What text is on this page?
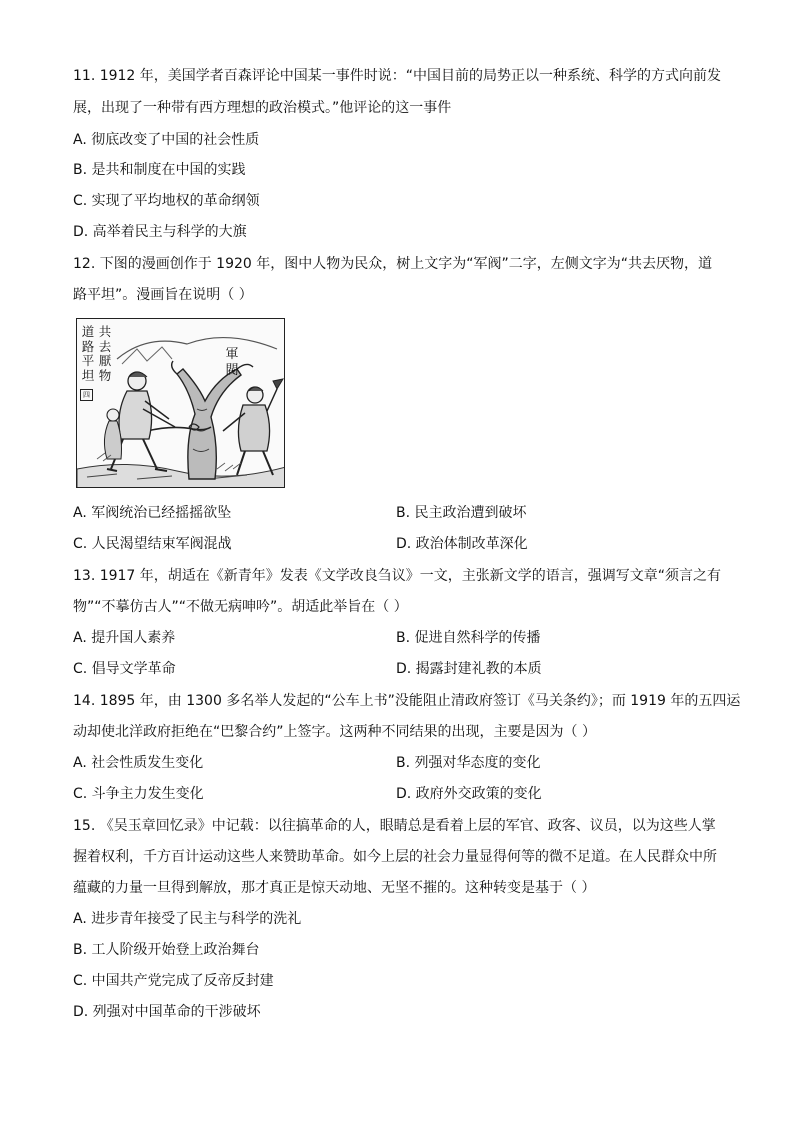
11. 1912 年，美国学者百森评论中国某一事件时说：“中国目前的局势正以一种系统、科学的方式向前发
展，出现了一种带有西方理想的政治模式。”他评论的这一事件
A. 彻底改变了中国的社会性质
B. 是共和制度在中国的实践
C. 实现了平均地权的革命纲领
D. 高举着民主与科学的大旗
12. 下图的漫画创作于 1920 年，图中人物为民众，树上文字为“军阀”二字，左侧文字为“共去厌物，道
路平坦”。漫画旨在说明（ ）
共去厭物
道路平坦
四
軍閥
A. 军阀统治已经摇摇欲坠	B. 民主政治遭到破坏
C. 人民渴望结束军阀混战	D. 政治体制改革深化
13. 1917 年，胡适在《新青年》发表《文学改良刍议》一文，主张新文学的语言，强调写文章“须言之有
物”“不摹仿古人”“不做无病呻吟”。胡适此举旨在（ ）
A. 提升国人素养	B. 促进自然科学的传播
C. 倡导文学革命	D. 揭露封建礼教的本质
14. 1895 年，由 1300 多名举人发起的“公车上书”没能阻止清政府签订《马关条约》；而 1919 年的五四运
动却使北洋政府拒绝在“巴黎合约”上签字。这两种不同结果的出现，主要是因为（ ）
A. 社会性质发生变化	B. 列强对华态度的变化
C. 斗争主力发生变化	D. 政府外交政策的变化
15. 《吴玉章回忆录》中记载：以往搞革命的人，眼睛总是看着上层的军官、政客、议员，以为这些人掌
握着权利，千方百计运动这些人来赞助革命。如今上层的社会力量显得何等的微不足道。在人民群众中所
蕴藏的力量一旦得到解放，那才真正是惊天动地、无坚不摧的。这种转变是基于（ ）
A. 进步青年接受了民主与科学的洗礼
B. 工人阶级开始登上政治舞台
C. 中国共产党完成了反帝反封建
D. 列强对中国革命的干涉破坏
